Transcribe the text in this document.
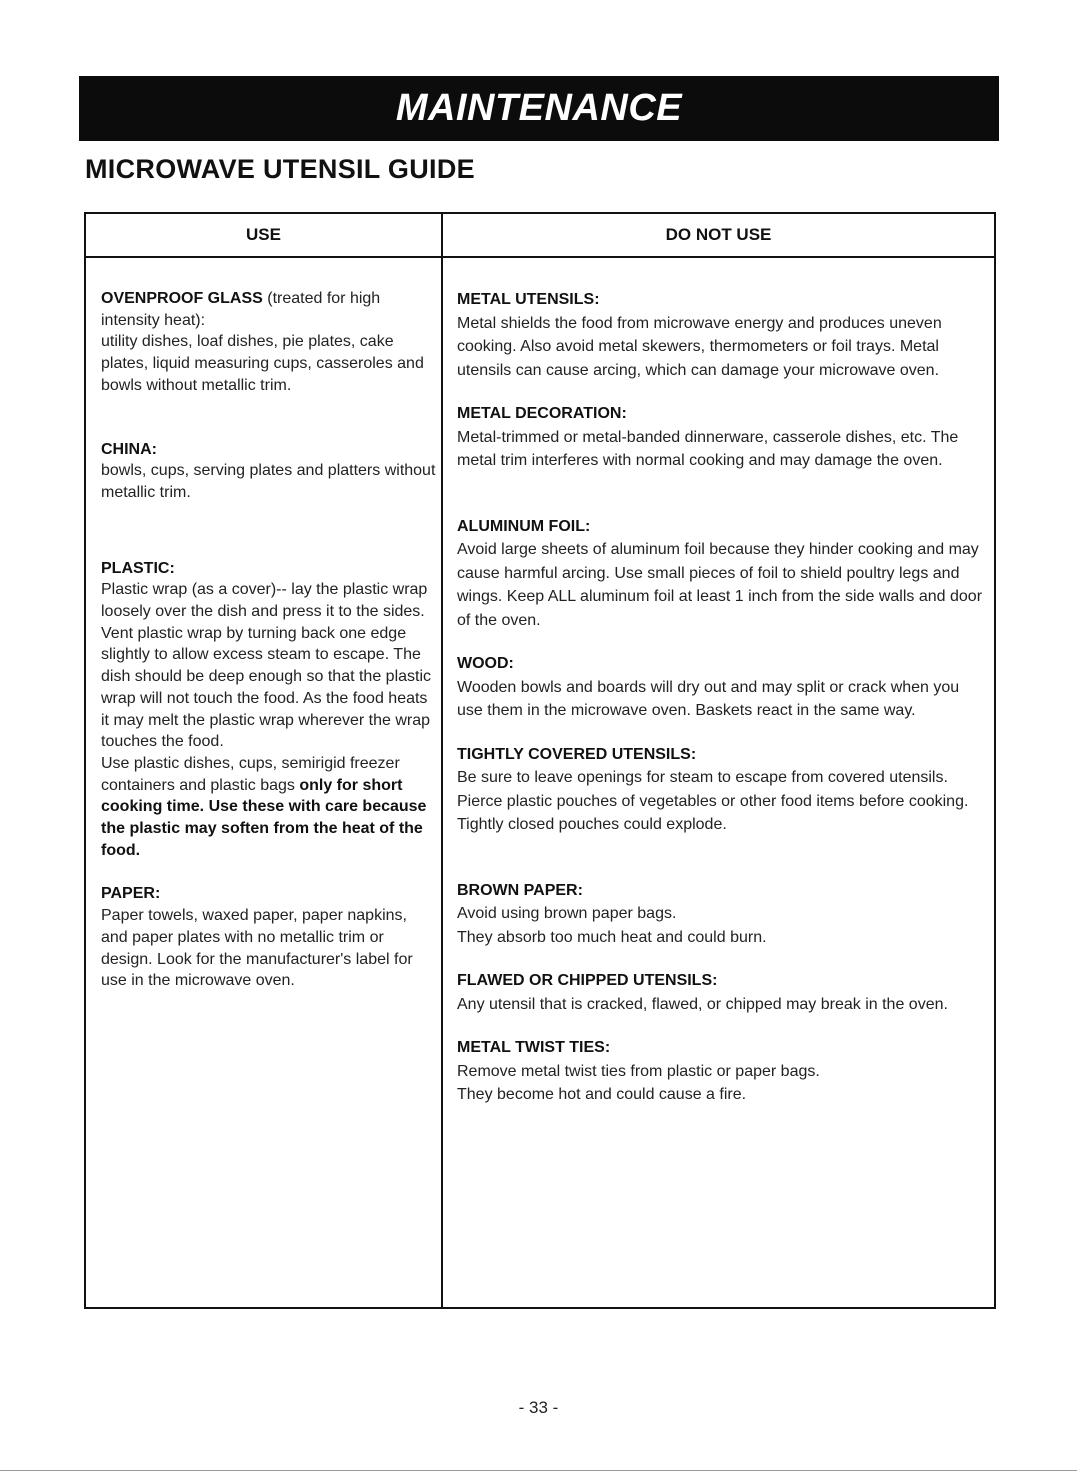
MAINTENANCE
MICROWAVE UTENSIL GUIDE
USE	DO NOT USE

OVENPROOF GLASS (treated for high intensity heat):

utility dishes, loaf dishes, pie plates, cake plates, liquid measuring cups, casseroles and bowls without metallic trim.

CHINA:

bowls, cups, serving plates and platters without metallic trim.

PLASTIC:

Plastic wrap (as a cover)-- lay the plastic wrap loosely over the dish and press it to the sides.

Vent plastic wrap by turning back one edge slightly to allow excess steam to escape. The dish should be deep enough so that the plastic wrap will not touch the food. As the food heats it may melt the plastic wrap wherever the wrap touches the food.

Use plastic dishes, cups, semirigid freezer containers and plastic bags only for short cooking time. Use these with care because the plastic may soften from the heat of the food.

PAPER:

Paper towels, waxed paper, paper napkins, and paper plates with no metallic trim or design. Look for the manufacturer's label for use in the microwave oven.

METAL UTENSILS:

Metal shields the food from microwave energy and produces uneven cooking. Also avoid metal skewers, thermometers or foil trays. Metal utensils can cause arcing, which can damage your microwave oven.

METAL DECORATION:

Metal-trimmed or metal-banded dinnerware, casserole dishes, etc. The metal trim interferes with normal cooking and may damage the oven.

ALUMINUM FOIL:

Avoid large sheets of aluminum foil because they hinder cooking and may cause harmful arcing. Use small pieces of foil to shield poultry legs and wings. Keep ALL aluminum foil at least 1 inch from the side walls and door of the oven.

WOOD:

Wooden bowls and boards will dry out and may split or crack when you use them in the microwave oven. Baskets react in the same way.

TIGHTLY COVERED UTENSILS:

Be sure to leave openings for steam to escape from covered utensils. Pierce plastic pouches of vegetables or other food items before cooking. Tightly closed pouches could explode.

BROWN PAPER:

Avoid using brown paper bags.

They absorb too much heat and could burn.

FLAWED OR CHIPPED UTENSILS:

Any utensil that is cracked, flawed, or chipped may break in the oven.

METAL TWIST TIES:

Remove metal twist ties from plastic or paper bags.

They become hot and could cause a fire.

- 33 -
